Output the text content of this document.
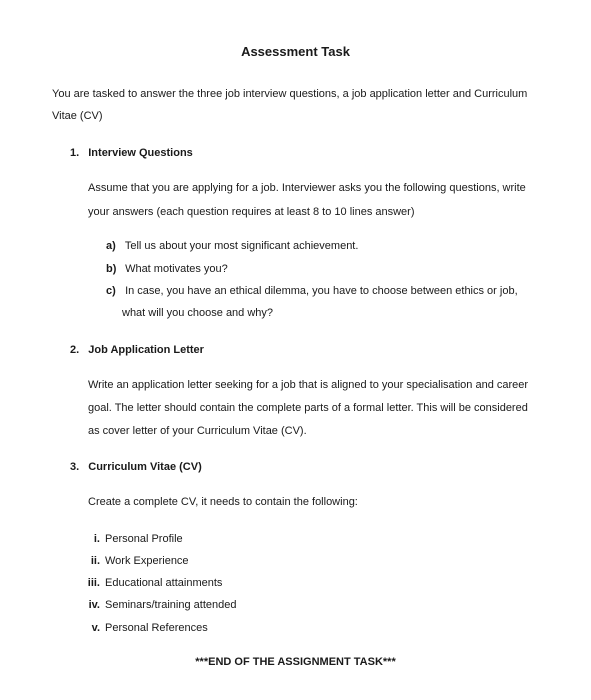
Assessment Task
You are tasked to answer the three job interview questions, a job application letter and Curriculum
Vitae (CV)
1. Interview Questions
Assume that you are applying for a job. Interviewer asks you the following questions, write
your answers (each question requires at least 8 to 10 lines answer)
a) Tell us about your most significant achievement.
b) What motivates you?
c) In case, you have an ethical dilemma, you have to choose between ethics or job,
what will you choose and why?
2. Job Application Letter
Write an application letter seeking for a job that is aligned to your specialisation and career
goal. The letter should contain the complete parts of a formal letter. This will be considered
as cover letter of your Curriculum Vitae (CV).
3. Curriculum Vitae (CV)
Create a complete CV, it needs to contain the following:
i. Personal Profile
ii. Work Experience
iii. Educational attainments
iv. Seminars/training attended
v. Personal References
***END OF THE ASSIGNMENT TASK***
